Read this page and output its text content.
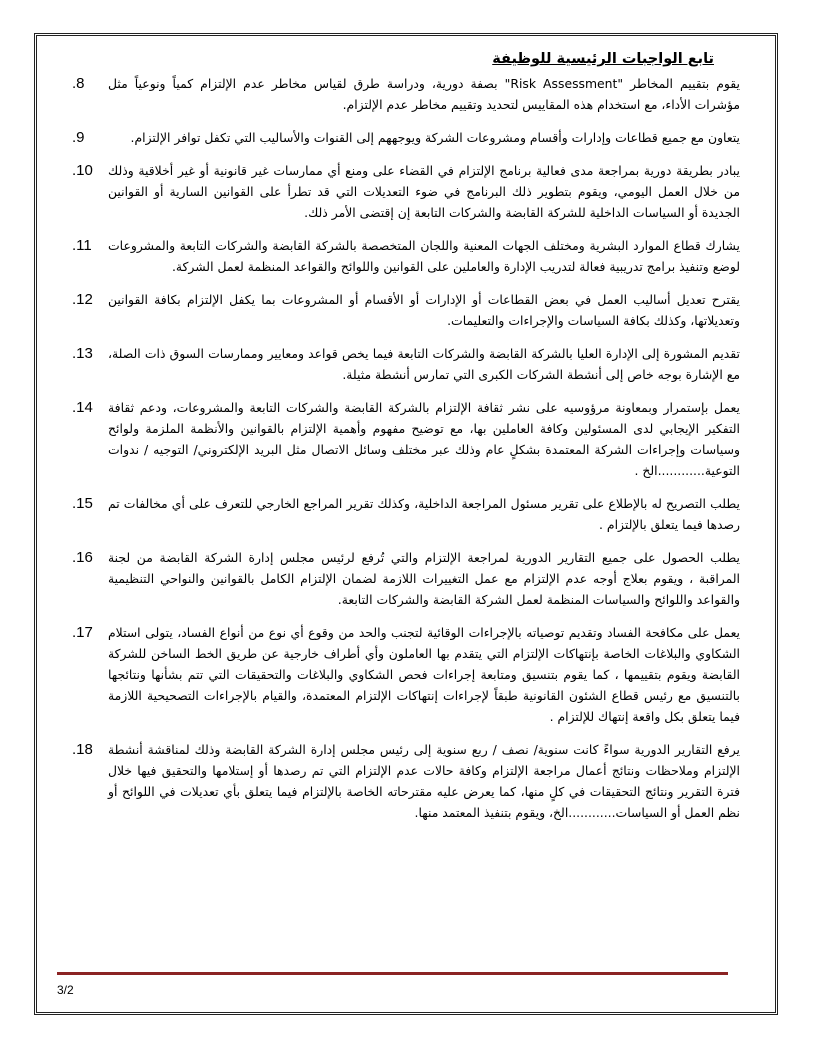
تابع الواجبات الرئيسية للوظيفة
يقوم بتقييم المخاطر "Risk Assessment" بصفة دورية، ودراسة طرق لقياس مخاطر عدم الإلتزام كمياً ونوعياً مثل مؤشرات الأداء، مع استخدام هذه المقاييس لتحديد وتقييم مخاطر عدم الإلتزام.
.8
يتعاون مع جميع قطاعات وإدارات وأقسام ومشروعات الشركة ويوجههم إلى القنوات والأساليب التي تكفل توافر الإلتزام.
.9
يبادر بطريقة دورية بمراجعة مدى فعالية برنامج الإلتزام في القضاء على ومنع أي ممارسات غير قانونية أو غير أخلاقية وذلك من خلال العمل اليومي، ويقوم بتطوير ذلك البرنامج في ضوء التعديلات التي قد تطرأ على القوانين السارية أو القوانين الجديدة أو السياسات الداخلية للشركة القابضة والشركات التابعة إن إقتضى الأمر ذلك.
.10
يشارك قطاع الموارد البشرية ومختلف الجهات المعنية واللجان المتخصصة بالشركة القابضة والشركات التابعة والمشروعات لوضع وتنفيذ برامج تدريبية فعالة لتدريب الإدارة والعاملين على القوانين واللوائح والقواعد المنظمة لعمل الشركة.
.11
يقترح تعديل أساليب العمل في بعض القطاعات أو الإدارات أو الأقسام أو المشروعات بما يكفل الإلتزام بكافة القوانين وتعديلاتها، وكذلك بكافة السياسات والإجراءات والتعليمات.
.12
تقديم المشورة إلى الإدارة العليا بالشركة القابضة والشركات التابعة فيما يخص قواعد ومعايير وممارسات السوق ذات الصلة، مع الإشارة بوجه خاص إلى أنشطة الشركات الكبرى التي تمارس أنشطة مثيلة.
.13
يعمل بإستمرار وبمعاونة مرؤوسيه على نشر ثقافة الإلتزام بالشركة القابضة والشركات التابعة والمشروعات، ودعم ثقافة التفكير الإيجابي لدى المسئولين وكافة العاملين بها، مع توضيح مفهوم وأهمية الإلتزام بالقوانين والأنظمة الملزمة ولوائح وسياسات وإجراءات الشركة المعتمدة بشكلٍ عام وذلك عبر مختلف وسائل الاتصال مثل البريد الإلكتروني/ التوجيه / ندوات التوعية............الخ .
.14
يطلب التصريح له بالإطلاع على تقرير مسئول المراجعة الداخلية، وكذلك تقرير المراجع الخارجي للتعرف على أي مخالفات تم رصدها فيما يتعلق بالإلتزام .
.15
يطلب الحصول على جميع التقارير الدورية لمراجعة الإلتزام والتي تُرفع لرئيس مجلس إدارة الشركة القابضة من لجنة المراقبة ، ويقوم بعلاج أوجه عدم الإلتزام مع عمل التغييرات اللازمة لضمان الإلتزام الكامل بالقوانين والنواحي التنظيمية والقواعد واللوائح والسياسات المنظمة لعمل الشركة القابضة والشركات التابعة.
.16
يعمل على مكافحة الفساد وتقديم توصياته بالإجراءات الوقائية لتجنب والحد من وقوع أي نوع من أنواع الفساد، يتولى استلام الشكاوي والبلاغات الخاصة بإنتهاكات الإلتزام التي يتقدم بها العاملون وأي أطراف خارجية عن طريق الخط الساخن للشركة القابضة ويقوم بتقييمها ، كما يقوم بتنسيق ومتابعة إجراءات فحص الشكاوي والبلاغات والتحقيقات التي تتم بشأنها ونتائجها بالتنسيق مع رئيس قطاع الشئون القانونية طبقاً لإجراءات إنتهاكات الإلتزام المعتمدة، والقيام بالإجراءات التصحيحية اللازمة فيما يتعلق بكل واقعة إنتهاك للإلتزام .
.17
يرفع التقارير الدورية سواءً كانت سنوية/ نصف / ربع سنوية إلى رئيس مجلس إدارة الشركة القابضة وذلك لمناقشة أنشطة الإلتزام وملاحظات ونتائج أعمال مراجعة الإلتزام وكافة حالات عدم الإلتزام التي تم رصدها أو إستلامها والتحقيق فيها خلال فترة التقرير ونتائج التحقيقات في كلٍ منها، كما يعرض عليه مقترحاته الخاصة بالإلتزام فيما يتعلق بأي تعديلات في اللوائح أو نظم العمل أو السياسات............الخ، ويقوم بتنفيذ المعتمد منها.
.18
3/2
